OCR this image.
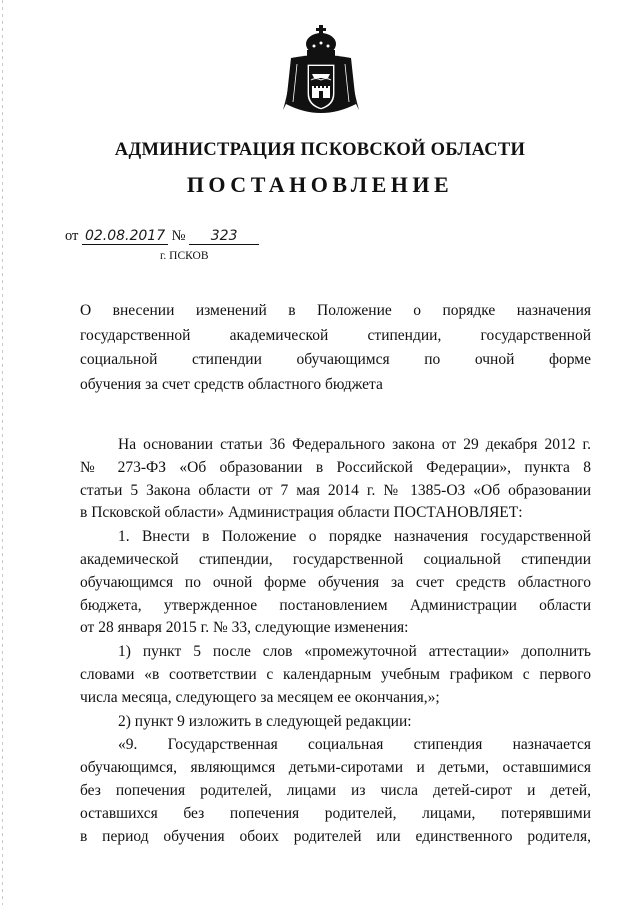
АДМИНИСТРАЦИЯ ПСКОВСКОЙ ОБЛАСТИ
ПОСТАНОВЛЕНИЕ
от 02.08.2017 № 323
г. ПСКОВ
О внесении изменений в Положение о порядке назначения
государственной академической стипендии, государственной
социальной стипендии обучающимся по очной форме
обучения за счет средств областного бюджета
На основании статьи 36 Федерального закона от 29 декабря 2012 г.
№ 273-ФЗ «Об образовании в Российской Федерации», пункта 8
статьи 5 Закона области от 7 мая 2014 г. № 1385-ОЗ «Об образовании
в Псковской области» Администрация области ПОСТАНОВЛЯЕТ:
1. Внести в Положение о порядке назначения государственной
академической стипендии, государственной социальной стипендии
обучающимся по очной форме обучения за счет средств областного
бюджета, утвержденное постановлением Администрации области
от 28 января 2015 г. № 33, следующие изменения:
1) пункт 5 после слов «промежуточной аттестации» дополнить
словами «в соответствии с календарным учебным графиком с первого
числа месяца, следующего за месяцем ее окончания,»;
2) пункт 9 изложить в следующей редакции:
«9. Государственная социальная стипендия назначается
обучающимся, являющимся детьми-сиротами и детьми, оставшимися
без попечения родителей, лицами из числа детей-сирот и детей,
оставшихся без попечения родителей, лицами, потерявшими
в период обучения обоих родителей или единственного родителя,
